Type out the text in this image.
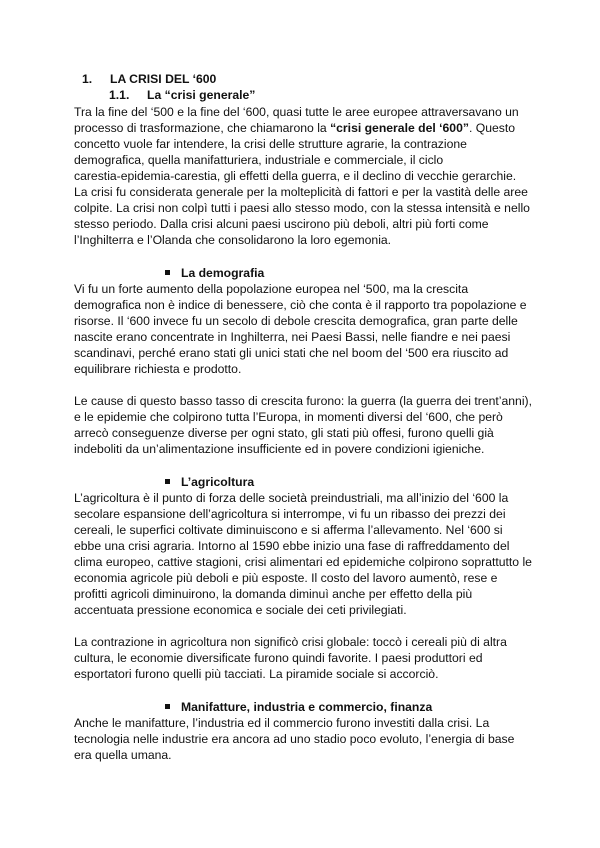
1. LA CRISI DEL ‘600
1.1. La “crisi generale”
Tra la fine del ‘500 e la fine del ‘600, quasi tutte le aree europee attraversavano un
processo di trasformazione, che chiamarono la “crisi generale del ‘600”. Questo
concetto vuole far intendere, la crisi delle strutture agrarie, la contrazione
demografica, quella manifatturiera, industriale e commerciale, il ciclo
carestia-epidemia-carestia, gli effetti della guerra, e il declino di vecchie gerarchie.
La crisi fu considerata generale per la molteplicità di fattori e per la vastità delle aree
colpite. La crisi non colpì tutti i paesi allo stesso modo, con la stessa intensità e nello
stesso periodo. Dalla crisi alcuni paesi uscirono più deboli, altri più forti come
l’Inghilterra e l’Olanda che consolidarono la loro egemonia.
La demografia
Vi fu un forte aumento della popolazione europea nel ‘500, ma la crescita
demografica non è indice di benessere, ciò che conta è il rapporto tra popolazione e
risorse. Il ‘600 invece fu un secolo di debole crescita demografica, gran parte delle
nascite erano concentrate in Inghilterra, nei Paesi Bassi, nelle fiandre e nei paesi
scandinavi, perché erano stati gli unici stati che nel boom del ‘500 era riuscito ad
equilibrare richiesta e prodotto.
Le cause di questo basso tasso di crescita furono: la guerra (la guerra dei trent’anni),
e le epidemie che colpirono tutta l’Europa, in momenti diversi del ‘600, che però
arrecò conseguenze diverse per ogni stato, gli stati più offesi, furono quelli già
indeboliti da un’alimentazione insufficiente ed in povere condizioni igieniche.
L’agricoltura
L’agricoltura è il punto di forza delle società preindustriali, ma all’inizio del ‘600 la
secolare espansione dell’agricoltura si interrompe, vi fu un ribasso dei prezzi dei
cereali, le superfici coltivate diminuiscono e si afferma l’allevamento. Nel ‘600 si
ebbe una crisi agraria. Intorno al 1590 ebbe inizio una fase di raffreddamento del
clima europeo, cattive stagioni, crisi alimentari ed epidemiche colpirono soprattutto le
economia agricole più deboli e più esposte. Il costo del lavoro aumentò, rese e
profitti agricoli diminuirono, la domanda diminuì anche per effetto della più
accentuata pressione economica e sociale dei ceti privilegiati.
La contrazione in agricoltura non significò crisi globale: toccò i cereali più di altra
cultura, le economie diversificate furono quindi favorite. I paesi produttori ed
esportatori furono quelli più tacciati. La piramide sociale si accorciò.
Manifatture, industria e commercio, finanza
Anche le manifatture, l’industria ed il commercio furono investiti dalla crisi. La
tecnologia nelle industrie era ancora ad uno stadio poco evoluto, l’energia di base
era quella umana.
